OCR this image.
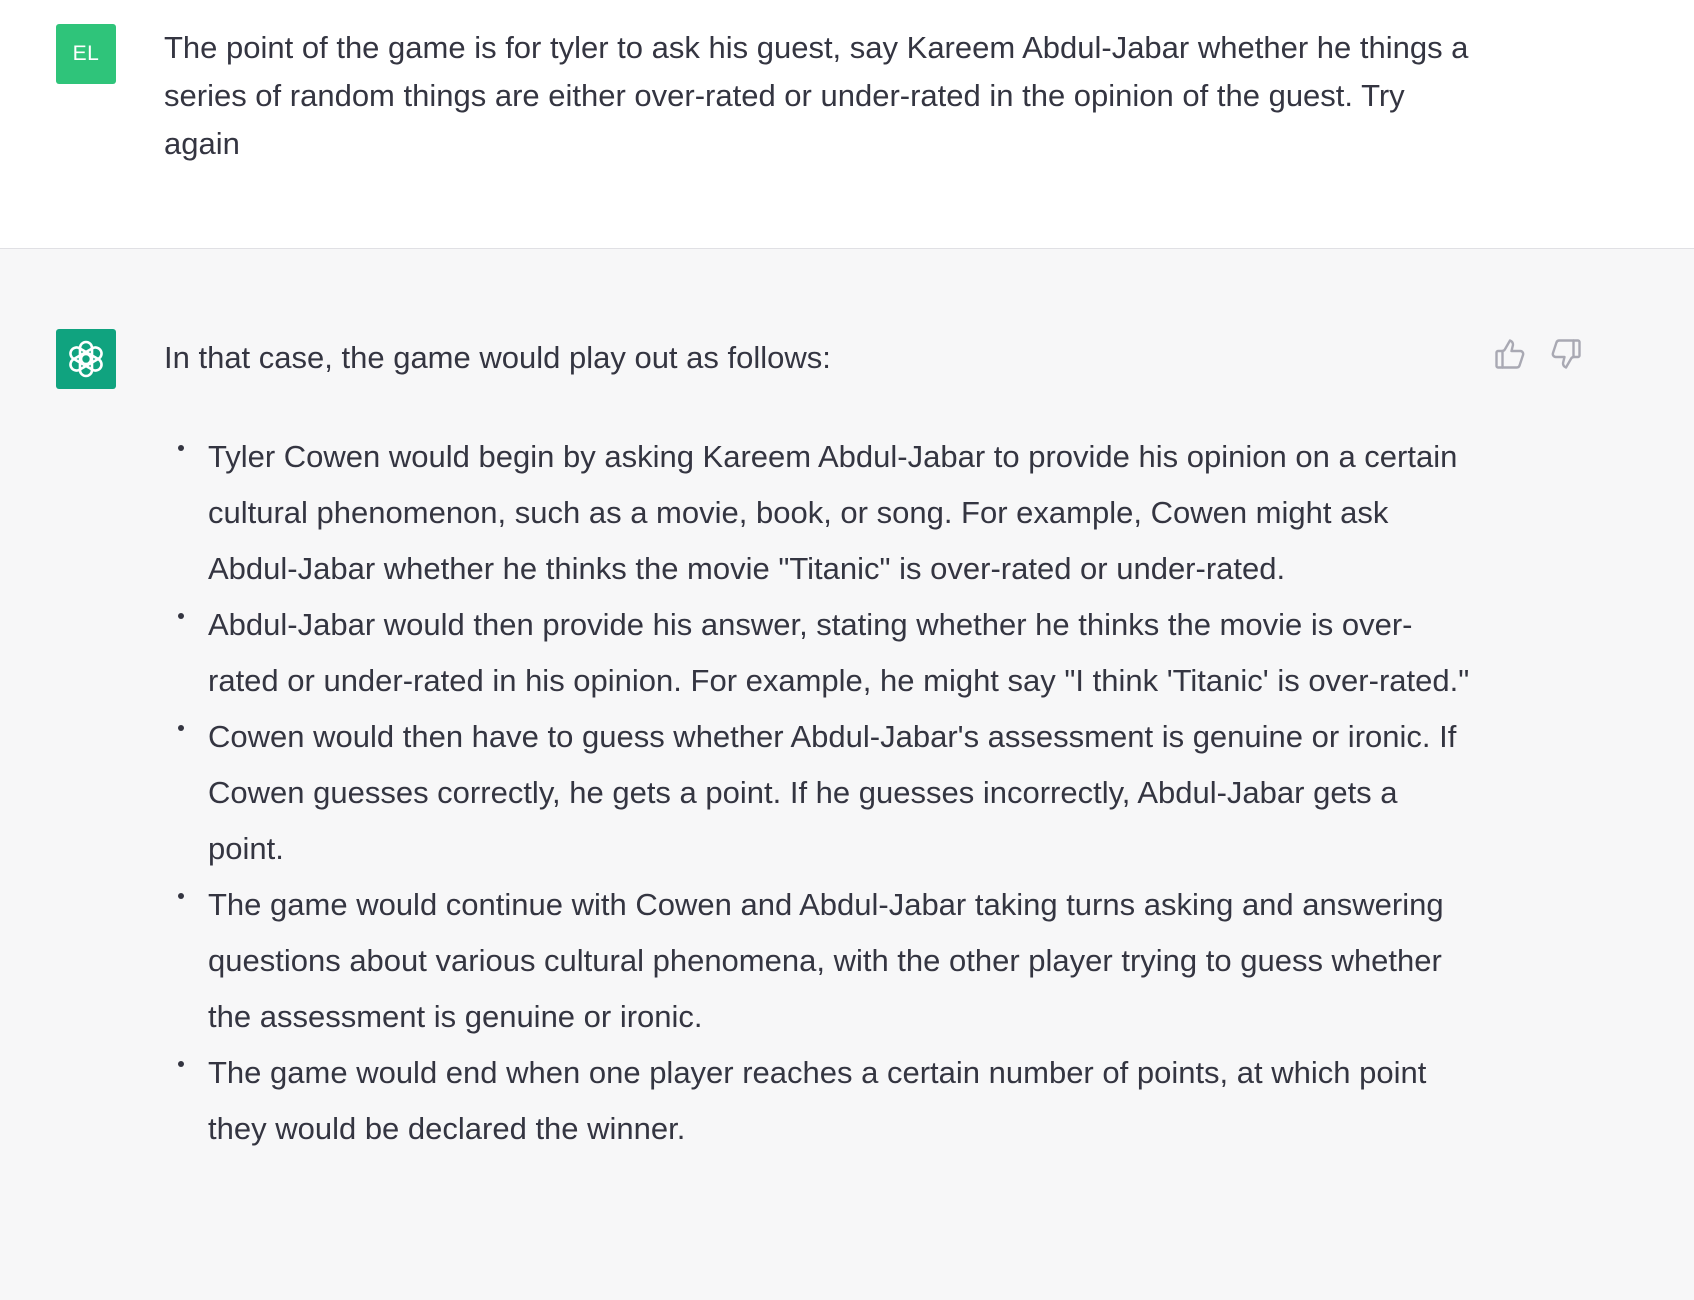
EL The point of the game is for tyler to ask his guest, say Kareem Abdul-Jabar whether he things a series of random things are either over-rated or under-rated in the opinion of the guest. Try again

In that case, the game would play out as follows:

Tyler Cowen would begin by asking Kareem Abdul-Jabar to provide his opinion on a certain cultural phenomenon, such as a movie, book, or song. For example, Cowen might ask Abdul-Jabar whether he thinks the movie "Titanic" is over-rated or under-rated.
Abdul-Jabar would then provide his answer, stating whether he thinks the movie is over-rated or under-rated in his opinion. For example, he might say "I think 'Titanic' is over-rated."
Cowen would then have to guess whether Abdul-Jabar's assessment is genuine or ironic. If Cowen guesses correctly, he gets a point. If he guesses incorrectly, Abdul-Jabar gets a point.
The game would continue with Cowen and Abdul-Jabar taking turns asking and answering questions about various cultural phenomena, with the other player trying to guess whether the assessment is genuine or ironic.
The game would end when one player reaches a certain number of points, at which point they would be declared the winner.
